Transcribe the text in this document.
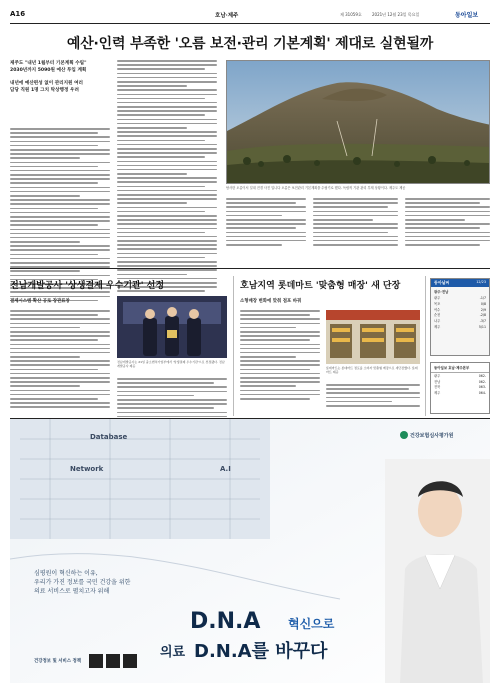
A16	호남·제주	제 31059호	2021년 12월 23일 목요일	동아일보
예산·인력 부족한 '오름 보전·관리 기본계획' 제대로 실현될까
제주도 "내년 1월부터 기본계획 수립"
2030년까지 5090원 예산 투입 계획
내년에 예산편성 없이 관리지원 여러
담당 직원 1명 그치 탁상행정 우려
탐사한 오름이서 일대 전경 사진 입니다 오름은 보전관리 기본계획을 수립키로 했다. 독립적 기관 관리 부재 상황이다. 제주도 제공
전남개발공사 '상생결제 우수기관' 선정
결제시스템 확산 공로 장관표창
전남개발공사는 21일 중소벤처기업부에서 '상생결제 우수기관'으로 선정됐다. 전남개발공사 제공
호남지역 롯데마트 '맞춤형 매장' 새 단장
소형매장 변화에 맞춰 점포 바꿔
롯데마트는 롯데마트 점포를 소비자 맞춤형 매장으로 새단장했다. 롯데마트 제공
동아날씨	12/23
광주·전남
광주	-1/7
목포	0/8
여수	2/9
순천	-2/8
나주	-3/7
제주	5/11
동아일보 호남·제주본부
광주	062-
전남	062-
전북	063-
제주	064-
Database
Network	A.I
건강보험심사평가원
심평원이 혁신하는 이유,
우리가 가진 정보를 국민 건강을 위한
의료 서비스로 펼치고자 위해
D.N.A 혁신으로
의료 D.N.A를 바꾸다
건강정보 및 서비스 정책
